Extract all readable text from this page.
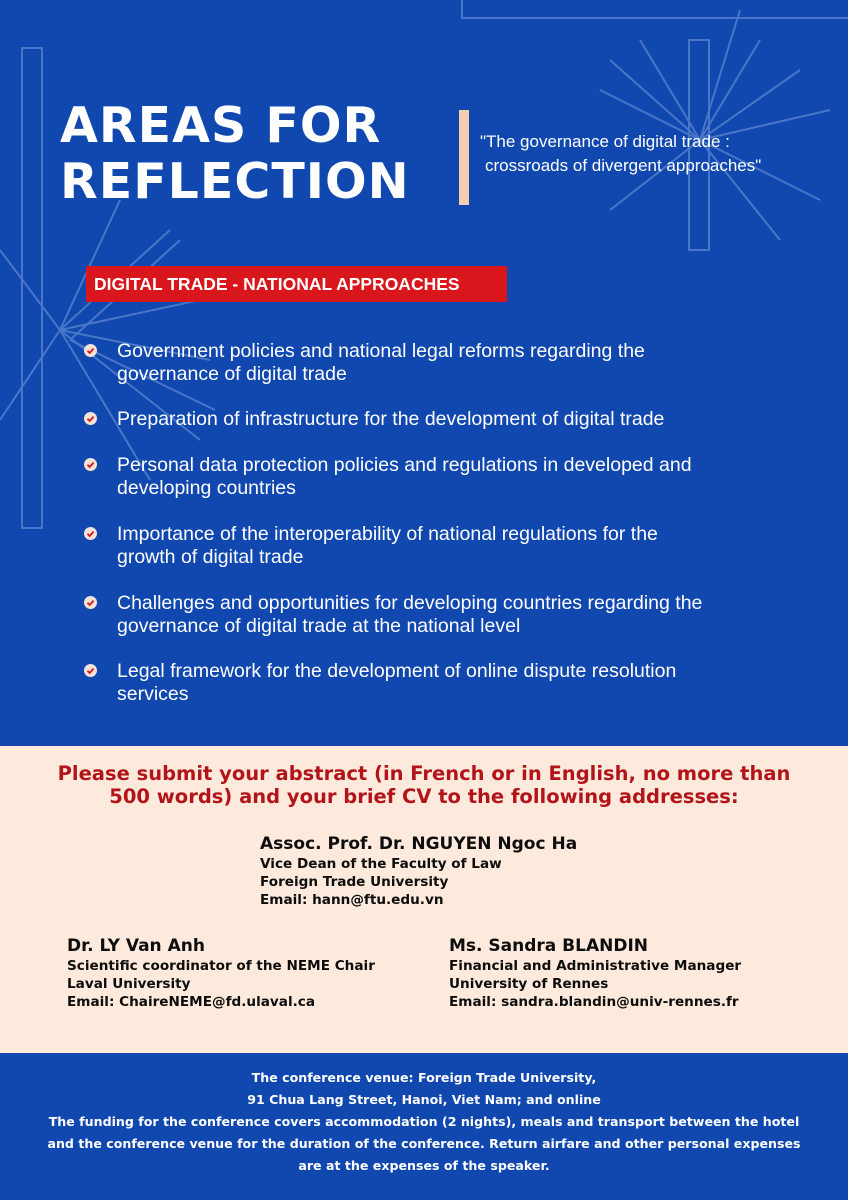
AREAS FOR
REFLECTION
"The governance of digital trade :
crossroads of divergent approaches"
DIGITAL TRADE - NATIONAL APPROACHES
Government policies and national legal reforms regarding the
governance of digital trade
Preparation of infrastructure for the development of digital trade
Personal data protection policies and regulations in developed and
developing countries
Importance of the interoperability of national regulations for the
growth of digital trade
Challenges and opportunities for developing countries regarding the
governance of digital trade at the national level
Legal framework for the development of online dispute resolution
services

Please submit your abstract (in French or in English, no more than
500 words) and your brief CV to the following addresses:

Assoc. Prof. Dr. NGUYEN Ngoc Ha
Vice Dean of the Faculty of Law
Foreign Trade University
Email: hann@ftu.edu.vn
Dr. LY Van Anh
Scientific coordinator of the NEME Chair
Laval University
Email: ChaireNEME@fd.ulaval.ca
Ms. Sandra BLANDIN
Financial and Administrative Manager
University of Rennes
Email: sandra.blandin@univ-rennes.fr
The conference venue: Foreign Trade University,
91 Chua Lang Street, Hanoi, Viet Nam; and online
The funding for the conference covers accommodation (2 nights), meals and transport between the hotel
and the conference venue for the duration of the conference. Return airfare and other personal expenses
are at the expenses of the speaker.
